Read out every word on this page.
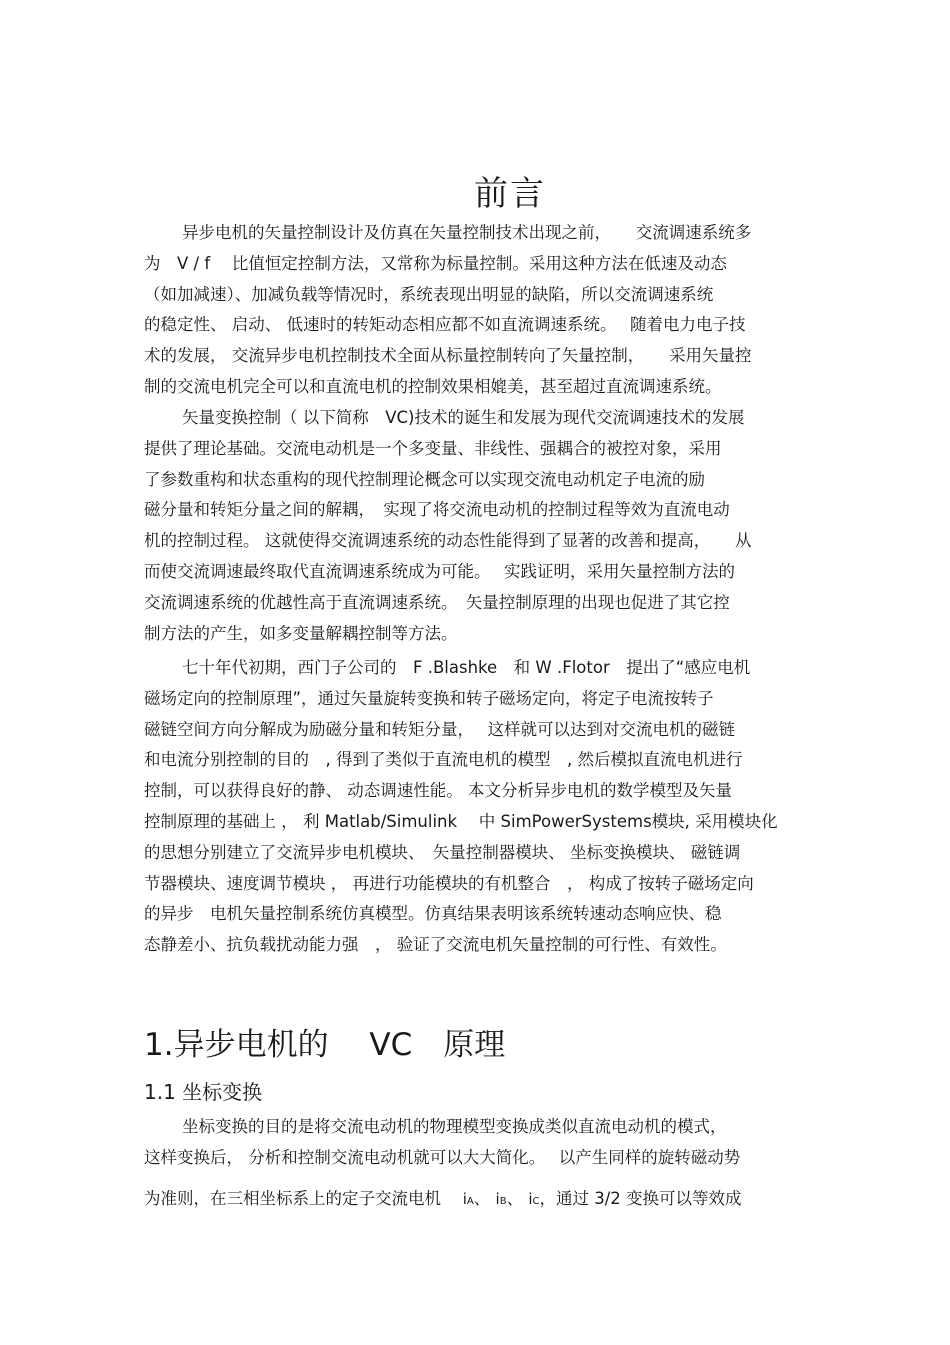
前言
异步电机的矢量控制设计及仿真在矢量控制技术出现之前，　　交流调速系统多
为　V / f　 比值恒定控制方法，又常称为标量控制。采用这种方法在低速及动态
（如加减速）、加减负载等情况时，系统表现出明显的缺陷，所以交流调速系统
的稳定性、 启动、 低速时的转矩动态相应都不如直流调速系统。　 随着电力电子技
术的发展， 交流异步电机控制技术全面从标量控制转向了矢量控制，　　采用矢量控
制的交流电机完全可以和直流电机的控制效果相媲美，甚至超过直流调速系统。
矢量变换控制（ 以下简称　VC)技术的诞生和发展为现代交流调速技术的发展
提供了理论基础。交流电动机是一个多变量、非线性、强耦合的被控对象，采用
了参数重构和状态重构的现代控制理论概念可以实现交流电动机定子电流的励
磁分量和转矩分量之间的解耦，　实现了将交流电动机的控制过程等效为直流电动
机的控制过程。 这就使得交流调速系统的动态性能得到了显著的改善和提高，　　从
而使交流调速最终取代直流调速系统成为可能。　 实践证明，采用矢量控制方法的
交流调速系统的优越性高于直流调速系统。　矢量控制原理的出现也促进了其它控
制方法的产生，如多变量解耦控制等方法。
七十年代初期，西门子公司的　F .Blashke　和 W .Flotor　提出了“感应电机
磁场定向的控制原理”，通过矢量旋转变换和转子磁场定向，将定子电流按转子
磁链空间方向分解成为励磁分量和转矩分量，　 这样就可以达到对交流电机的磁链
和电流分别控制的目的　, 得到了类似于直流电机的模型　, 然后模拟直流电机进行
控制，可以获得良好的静、 动态调速性能。 本文分析异步电机的数学模型及矢量
控制原理的基础上 ， 利 Matlab/Simulink　 中 SimPowerSystems模块, 采用模块化
的思想分别建立了交流异步电机模块、　矢量控制器模块、 坐标变换模块、 磁链调
节器模块、速度调节模块 ， 再进行功能模块的有机整合　， 构成了按转子磁场定向
的异步　电机矢量控制系统仿真模型。仿真结果表明该系统转速动态响应快、稳
态静差小、抗负载扰动能力强　， 验证了交流电机矢量控制的可行性、有效性。
1.异步电机的　 VC　原理
1.1 坐标变换
坐标变换的目的是将交流电动机的物理模型变换成类似直流电动机的模式，
这样变换后， 分析和控制交流电动机就可以大大简化。　 以产生同样的旋转磁动势
为准则，在三相坐标系上的定子交流电机　 iA、 iB、 iC，通过 3/2 变换可以等效成
